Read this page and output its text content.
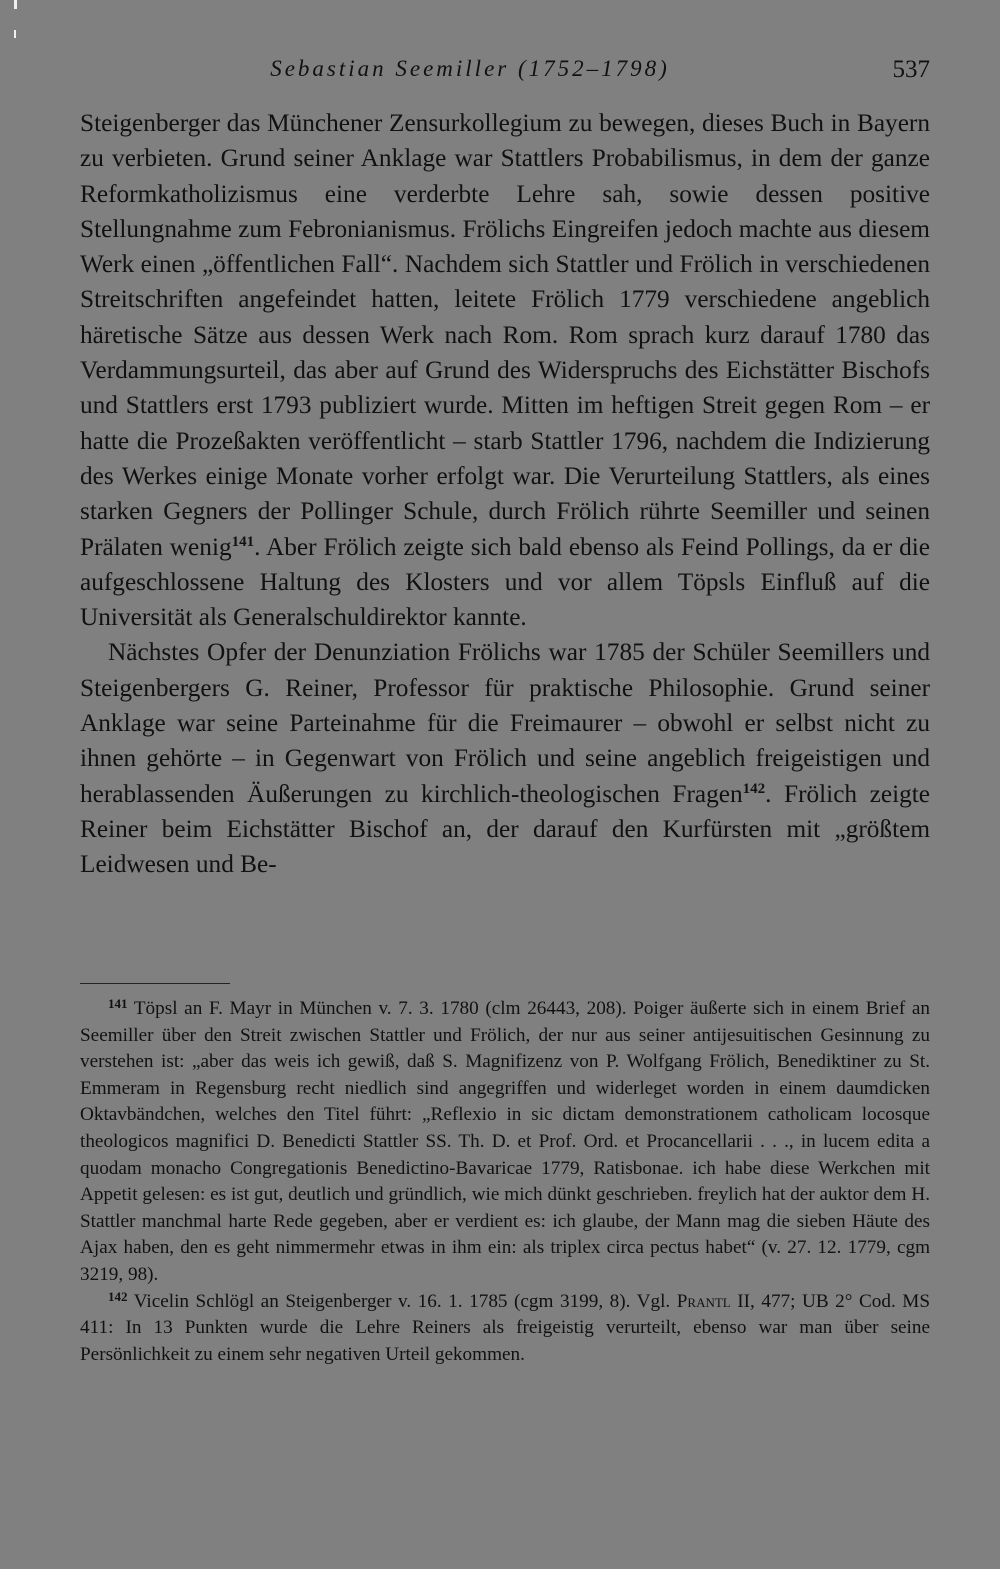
Sebastian Seemiller (1752–1798)	537

Steigenberger das Münchener Zensurkollegium zu bewegen, dieses Buch in Bayern zu verbieten. Grund seiner Anklage war Stattlers Probabilismus, in dem der ganze Reformkatholizismus eine verderbte Lehre sah, sowie dessen positive Stellungnahme zum Febronianismus. Frölichs Eingreifen jedoch machte aus diesem Werk einen „öffentlichen Fall“. Nachdem sich Stattler und Frölich in verschiedenen Streitschriften angefeindet hatten, leitete Frölich 1779 verschiedene angeblich häretische Sätze aus dessen Werk nach Rom. Rom sprach kurz darauf 1780 das Verdammungsurteil, das aber auf Grund des Widerspruchs des Eichstätter Bischofs und Stattlers erst 1793 publiziert wurde. Mitten im heftigen Streit gegen Rom – er hatte die Prozeßakten veröffentlicht – starb Stattler 1796, nachdem die Indizierung des Werkes einige Monate vorher erfolgt war. Die Verurteilung Stattlers, als eines starken Gegners der Pollinger Schule, durch Frölich rührte Seemiller und seinen Prälaten wenig$^{141}$. Aber Frölich zeigte sich bald ebenso als Feind Pollings, da er die aufgeschlossene Haltung des Klosters und vor allem Töpsls Einfluß auf die Universität als Generalschuldirektor kannte.

Nächstes Opfer der Denunziation Frölichs war 1785 der Schüler Seemillers und Steigenbergers G. Reiner, Professor für praktische Philosophie. Grund seiner Anklage war seine Parteinahme für die Freimaurer – obwohl er selbst nicht zu ihnen gehörte – in Gegenwart von Frölich und seine angeblich freigeistigen und herablassenden Äußerungen zu kirchlich-theologischen Fragen$^{142}$. Frölich zeigte Reiner beim Eichstätter Bischof an, der darauf den Kurfürsten mit „größtem Leidwesen und Be-

$^{141}$ Töpsl an F. Mayr in München v. 7. 3. 1780 (clm 26443, 208). Poiger äußerte sich in einem Brief an Seemiller über den Streit zwischen Stattler und Frölich, der nur aus seiner antijesuitischen Gesinnung zu verstehen ist: „aber das weis ich gewiß, daß S. Magnifizenz von P. Wolfgang Frölich, Benediktiner zu St. Emmeram in Regensburg recht niedlich sind angegriffen und widerleget worden in einem daumdicken Oktavbändchen, welches den Titel führt: „Reflexio in sic dictam demonstrationem catholicam locosque theologicos magnifici D. Benedicti Stattler SS. Th. D. et Prof. Ord. et Procancellarii . . ., in lucem edita a quodam monacho Congregationis Benedictino-Bavaricae 1779, Ratisbonae. ich habe diese Werkchen mit Appetit gelesen: es ist gut, deutlich und gründlich, wie mich dünkt geschrieben. freylich hat der auktor dem H. Stattler manchmal harte Rede gegeben, aber er verdient es: ich glaube, der Mann mag die sieben Häute des Ajax haben, den es geht nimmermehr etwas in ihm ein: als triplex circa pectus habet“ (v. 27. 12. 1779, cgm 3219, 98).

$^{142}$ Vicelin Schlögl an Steigenberger v. 16. 1. 1785 (cgm 3199, 8). Vgl. Prantl II, 477; UB 2° Cod. MS 411: In 13 Punkten wurde die Lehre Reiners als freigeistig verurteilt, ebenso war man über seine Persönlichkeit zu einem sehr negativen Urteil gekommen.
